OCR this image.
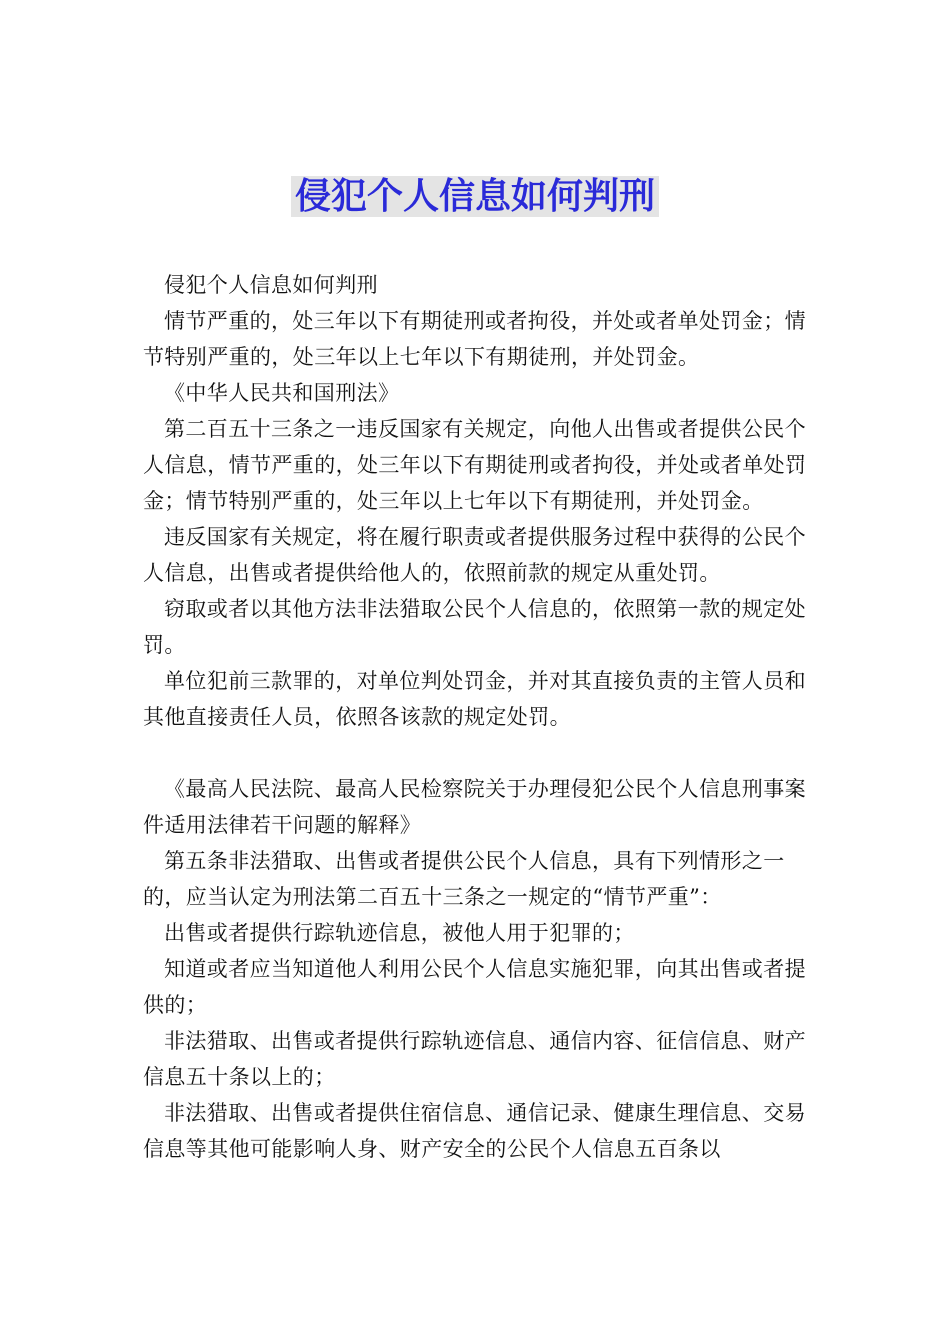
侵犯个人信息如何判刑

侵犯个人信息如何判刑

情节严重的，处三年以下有期徒刑或者拘役，并处或者单处罚金；情节特别严重的，处三年以上七年以下有期徒刑，并处罚金。

《中华人民共和国刑法》

第二百五十三条之一违反国家有关规定，向他人出售或者提供公民个人信息，情节严重的，处三年以下有期徒刑或者拘役，并处或者单处罚金；情节特别严重的，处三年以上七年以下有期徒刑，并处罚金。

违反国家有关规定，将在履行职责或者提供服务过程中获得的公民个人信息，出售或者提供给他人的，依照前款的规定从重处罚。

窃取或者以其他方法非法猎取公民个人信息的，依照第一款的规定处罚。

单位犯前三款罪的，对单位判处罚金，并对其直接负责的主管人员和其他直接责任人员，依照各该款的规定处罚。

《最高人民法院、最高人民检察院关于办理侵犯公民个人信息刑事案件适用法律若干问题的解释》

第五条非法猎取、出售或者提供公民个人信息，具有下列情形之一的，应当认定为刑法第二百五十三条之一规定的“情节严重”：

出售或者提供行踪轨迹信息，被他人用于犯罪的；

知道或者应当知道他人利用公民个人信息实施犯罪，向其出售或者提供的；

非法猎取、出售或者提供行踪轨迹信息、通信内容、征信信息、财产信息五十条以上的；

非法猎取、出售或者提供住宿信息、通信记录、健康生理信息、交易信息等其他可能影响人身、财产安全的公民个人信息五百条以
